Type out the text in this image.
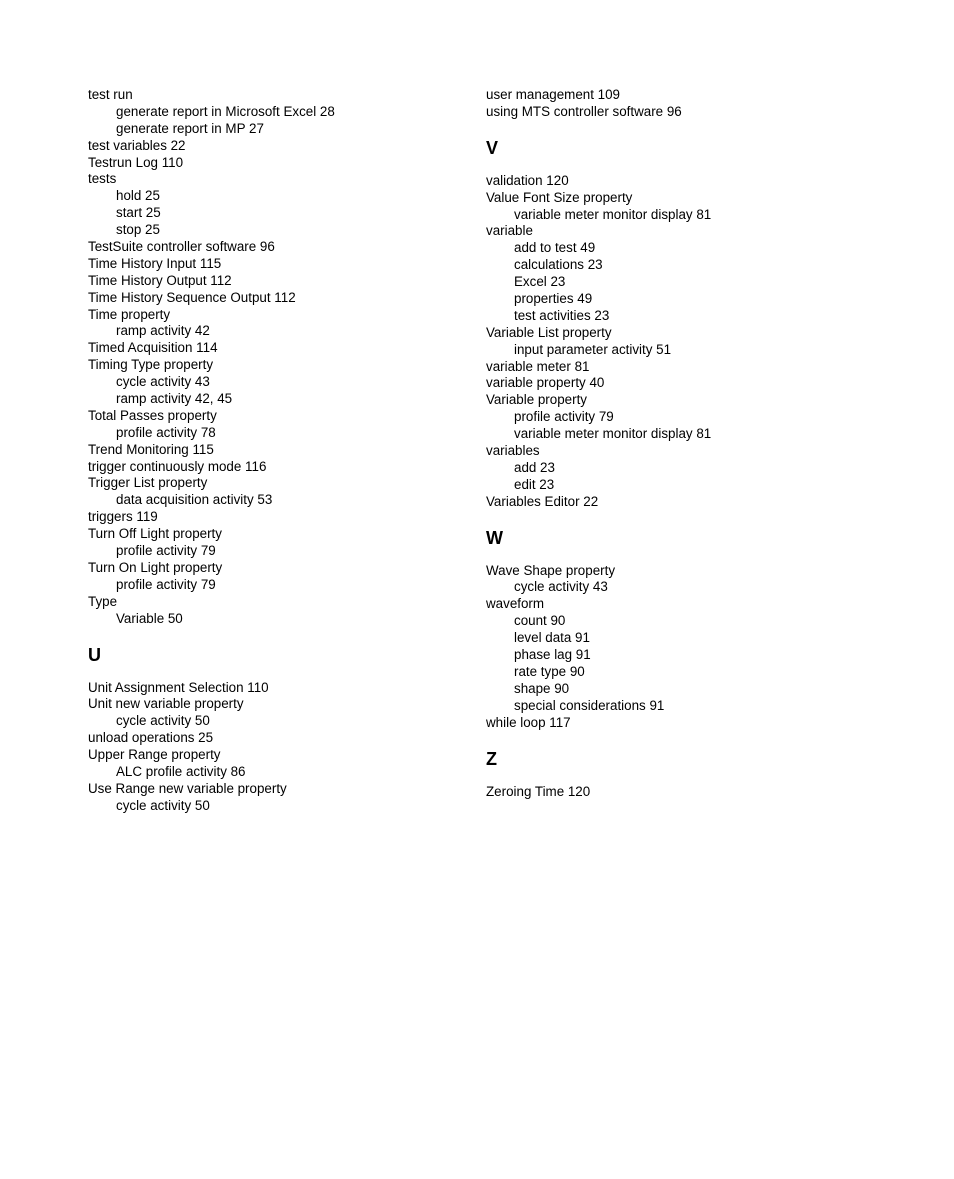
test run
generate report in Microsoft Excel 28
generate report in MP 27
test variables 22
Testrun Log 110
tests
hold 25
start 25
stop 25
TestSuite controller software 96
Time History Input 115
Time History Output 112
Time History Sequence Output 112
Time property
ramp activity 42
Timed Acquisition 114
Timing Type property
cycle activity 43
ramp activity 42, 45
Total Passes property
profile activity 78
Trend Monitoring 115
trigger continuously mode 116
Trigger List property
data acquisition activity 53
triggers 119
Turn Off Light property
profile activity 79
Turn On Light property
profile activity 79
Type
Variable 50
U
Unit Assignment Selection 110
Unit new variable property
cycle activity 50
unload operations 25
Upper Range property
ALC profile activity 86
Use Range new variable property
cycle activity 50
user management 109
using MTS controller software 96
V
validation 120
Value Font Size property
variable meter monitor display 81
variable
add to test 49
calculations 23
Excel 23
properties 49
test activities 23
Variable List property
input parameter activity 51
variable meter 81
variable property 40
Variable property
profile activity 79
variable meter monitor display 81
variables
add 23
edit 23
Variables Editor 22
W
Wave Shape property
cycle activity 43
waveform
count 90
level data 91
phase lag 91
rate type 90
shape 90
special considerations 91
while loop 117
Z
Zeroing Time 120
